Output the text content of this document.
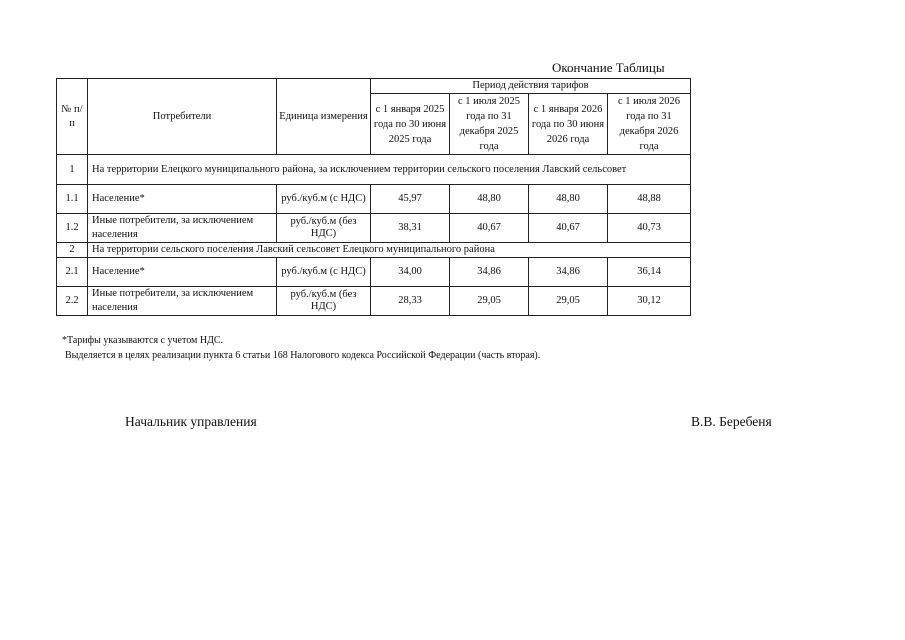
Окончание Таблицы
№ п/п	Потребители	Единица измерения	Период действия тарифов			
			с 1 января 2025 года по 30 июня 2025 года	с 1 июля 2025 года по 31 декабря 2025 года	с 1 января 2026 года по 30 июня 2026 года	с 1 июля 2026 года по 31 декабря 2026 года
1	На территории Елецкого муниципального района, за исключением территории сельского поселения Лавский сельсовет					
1.1	Население*	руб./куб.м (с НДС)	45,97	48,80	48,80	48,88
1.2	Иные потребители, за исключением населения	руб./куб.м (без НДС)	38,31	40,67	40,67	40,73
2	На территории сельского поселения Лавский сельсовет Елецкого муниципального района					
2.1	Население*	руб./куб.м (с НДС)	34,00	34,86	34,86	36,14
2.2	Иные потребители, за исключением населения	руб./куб.м (без НДС)	28,33	29,05	29,05	30,12
*Тарифы указываются с учетом НДС.
Выделяется в целях реализации пункта 6 статьи 168 Налогового кодекса Российской Федерации (часть вторая).
Начальник управления	В.В. Беребеня
